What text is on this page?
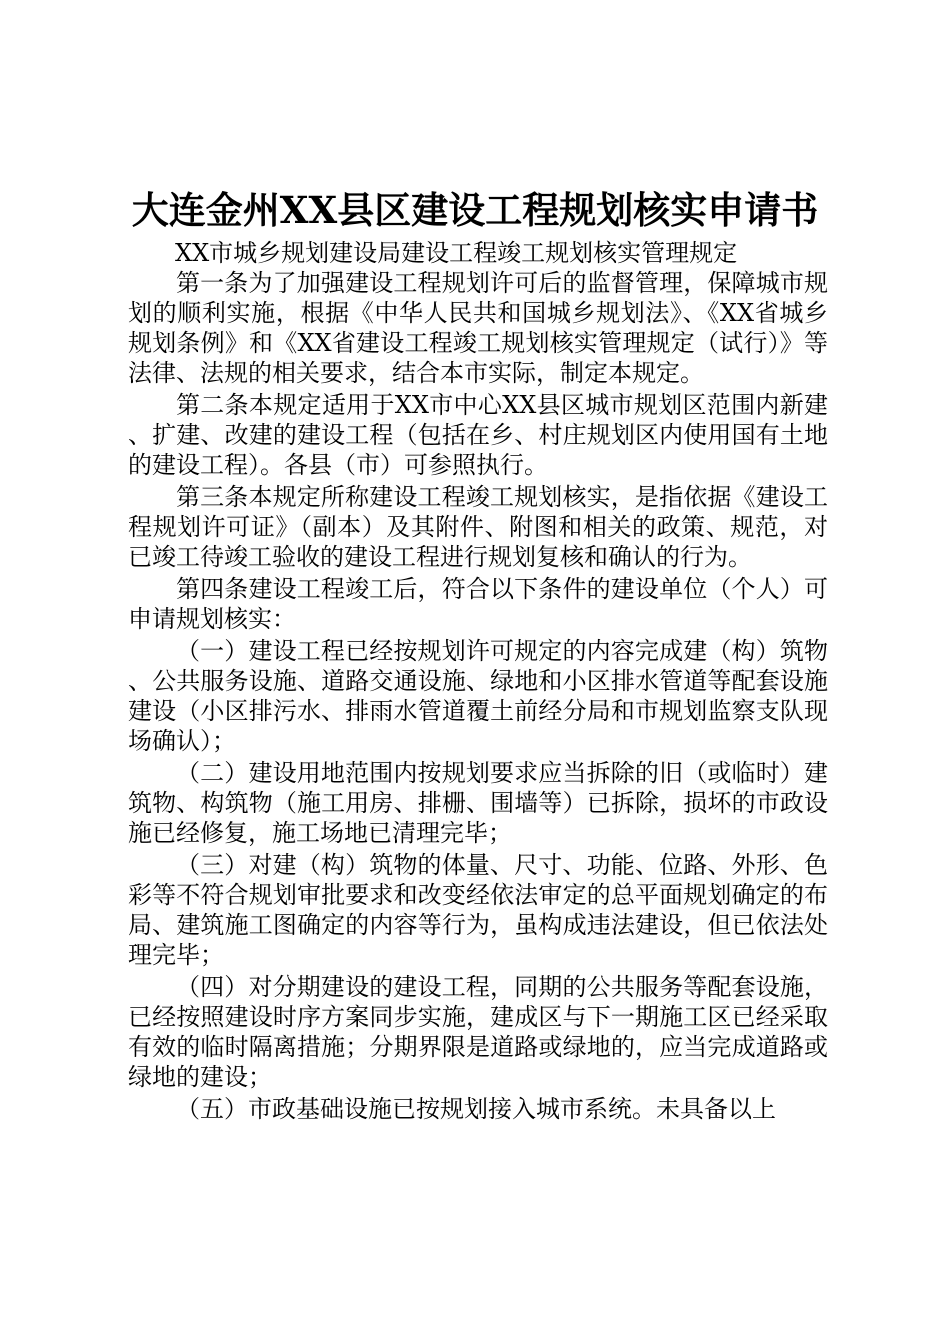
大连金州XX县区建设工程规划核实申请书
XX市城乡规划建设局建设工程竣工规划核实管理规定

第一条为了加强建设工程规划许可后的监督管理，保障城市规划的顺利实施，根据《中华人民共和国城乡规划法》、《XX省城乡规划条例》和《XX省建设工程竣工规划核实管理规定（试行）》等法律、法规的相关要求，结合本市实际，制定本规定。

第二条本规定适用于XX市中心XX县区城市规划区范围内新建、扩建、改建的建设工程（包括在乡、村庄规划区内使用国有土地的建设工程）。各县（市）可参照执行。

第三条本规定所称建设工程竣工规划核实，是指依据《建设工程规划许可证》（副本）及其附件、附图和相关的政策、规范，对已竣工待竣工验收的建设工程进行规划复核和确认的行为。

第四条建设工程竣工后，符合以下条件的建设单位（个人）可申请规划核实：

（一）建设工程已经按规划许可规定的内容完成建（构）筑物、公共服务设施、道路交通设施、绿地和小区排水管道等配套设施建设（小区排污水、排雨水管道覆土前经分局和市规划监察支队现场确认）；

（二）建设用地范围内按规划要求应当拆除的旧（或临时）建筑物、构筑物（施工用房、排栅、围墙等）已拆除，损坏的市政设施已经修复，施工场地已清理完毕；

（三）对建（构）筑物的体量、尺寸、功能、位路、外形、色彩等不符合规划审批要求和改变经依法审定的总平面规划确定的布局、建筑施工图确定的内容等行为，虽构成违法建设，但已依法处理完毕；

（四）对分期建设的建设工程，同期的公共服务等配套设施，已经按照建设时序方案同步实施，建成区与下一期施工区已经采取有效的临时隔离措施；分期界限是道路或绿地的，应当完成道路或绿地的建设；

（五）市政基础设施已按规划接入城市系统。未具备以上
